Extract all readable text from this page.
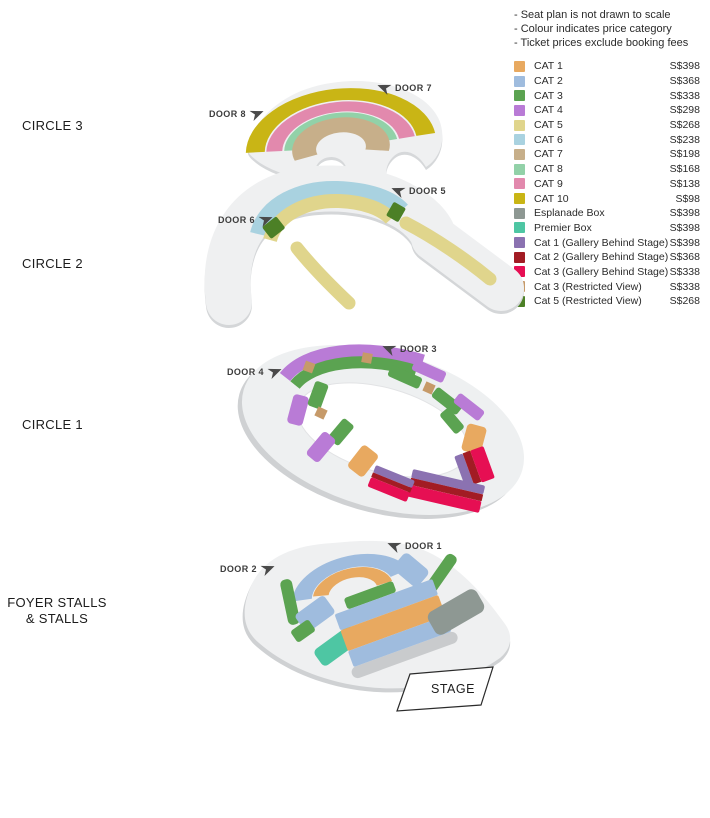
- Seat plan is not drawn to scale
- Colour indicates price category
- Ticket prices exclude booking fees
CAT 1	S$398
CAT 2	S$368
CAT 3	S$338
CAT 4	S$298
CAT 5	S$268
CAT 6	S$238
CAT 7	S$198
CAT 8	S$168
CAT 9	S$138
CAT 10	S$98
Esplanade Box	S$398
Premier Box	S$398
Cat 1 (Gallery Behind Stage) S$398
Cat 2 (Gallery Behind Stage) S$368
Cat 3 (Gallery Behind Stage) S$338
Cat 3 (Restricted View)	S$338
Cat 5 (Restricted View)	S$268
CIRCLE 3
CIRCLE 2
CIRCLE 1
FOYER STALLS
& STALLS
STAGE
DOOR 7
DOOR 8
DOOR 5
DOOR 6
DOOR 3
DOOR 4
DOOR 1
DOOR 2
